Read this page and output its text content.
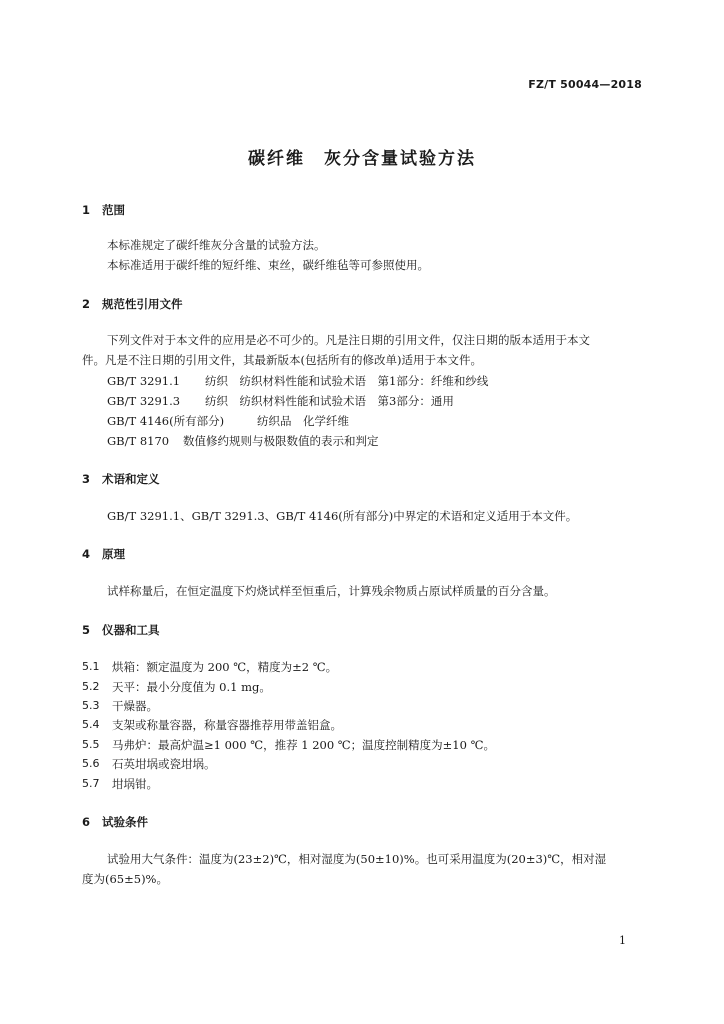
FZ/T 50044—2018
碳纤维　灰分含量试验方法
1 范围
本标准规定了碳纤维灰分含量的试验方法。
本标准适用于碳纤维的短纤维、束丝，碳纤维毡等可参照使用。
2 规范性引用文件
下列文件对于本文件的应用是必不可少的。凡是注日期的引用文件，仅注日期的版本适用于本文
件。凡是不注日期的引用文件，其最新版本(包括所有的修改单)适用于本文件。
GB/T 3291.1 纺织　纺织材料性能和试验术语　第1部分：纤维和纱线
GB/T 3291.3 纺织　纺织材料性能和试验术语　第3部分：通用
GB/T 4146(所有部分)	纺织品　化学纤维
GB/T 8170 数值修约规则与极限数值的表示和判定
3 术语和定义
GB/T 3291.1、GB/T 3291.3、GB/T 4146(所有部分)中界定的术语和定义适用于本文件。
4 原理
试样称量后，在恒定温度下灼烧试样至恒重后，计算残余物质占原试样质量的百分含量。
5 仪器和工具
5.1 烘箱：额定温度为 200 ℃，精度为±2 ℃。
5.2 天平：最小分度值为 0.1 mg。
5.3 干燥器。
5.4 支架或称量容器，称量容器推荐用带盖铝盒。
5.5 马弗炉：最高炉温≥1 000 ℃，推荐 1 200 ℃；温度控制精度为±10 ℃。
5.6 石英坩埚或瓷坩埚。
5.7 坩埚钳。
6 试验条件
试验用大气条件：温度为(23±2)℃，相对湿度为(50±10)%。也可采用温度为(20±3)℃，相对湿
度为(65±5)%。
1
